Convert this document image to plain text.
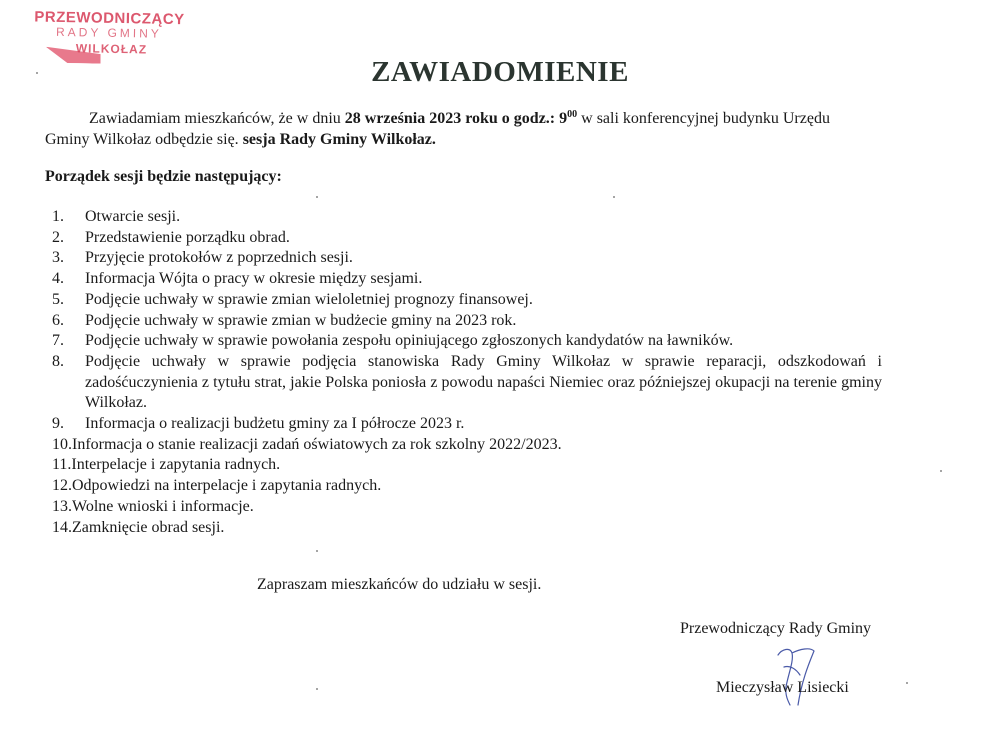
PRZEWODNICZĄCY
RADY GMINY
WILKOŁAZ
ZAWIADOMIENIE
Zawiadamiam mieszkańców, że w dniu 28 września 2023 roku o godz.: $9^{00}$ w sali konferencyjnej budynku Urzędu Gminy Wilkołaz odbędzie się. sesja Rady Gminy Wilkołaz.
Porządek sesji będzie następujący:
1.	Otwarcie sesji.
2.	Przedstawienie porządku obrad.
3.	Przyjęcie protokołów z poprzednich sesji.
4.	Informacja Wójta o pracy w okresie między sesjami.
5.	Podjęcie uchwały w sprawie zmian wieloletniej prognozy finansowej.
6.	Podjęcie uchwały w sprawie zmian w budżecie gminy na 2023 rok.
7.	Podjęcie uchwały w sprawie powołania zespołu opiniującego zgłoszonych kandydatów na ławników.
8.	Podjęcie uchwały w sprawie podjęcia stanowiska Rady Gminy Wilkołaz w sprawie reparacji, odszkodowań i zadośćuczynienia z tytułu strat, jakie Polska poniosła z powodu napaści Niemiec oraz późniejszej okupacji na terenie gminy Wilkołaz.
9.	Informacja o realizacji budżetu gminy za I półrocze 2023 r.
10. Informacja o stanie realizacji zadań oświatowych za rok szkolny 2022/2023.
11. Interpelacje i zapytania radnych.
12. Odpowiedzi na interpelacje i zapytania radnych.
13. Wolne wnioski i informacje.
14. Zamknięcie obrad sesji.
Zapraszam mieszkańców do udziału w sesji.
Przewodniczący Rady Gminy
Mieczysław Lisiecki
